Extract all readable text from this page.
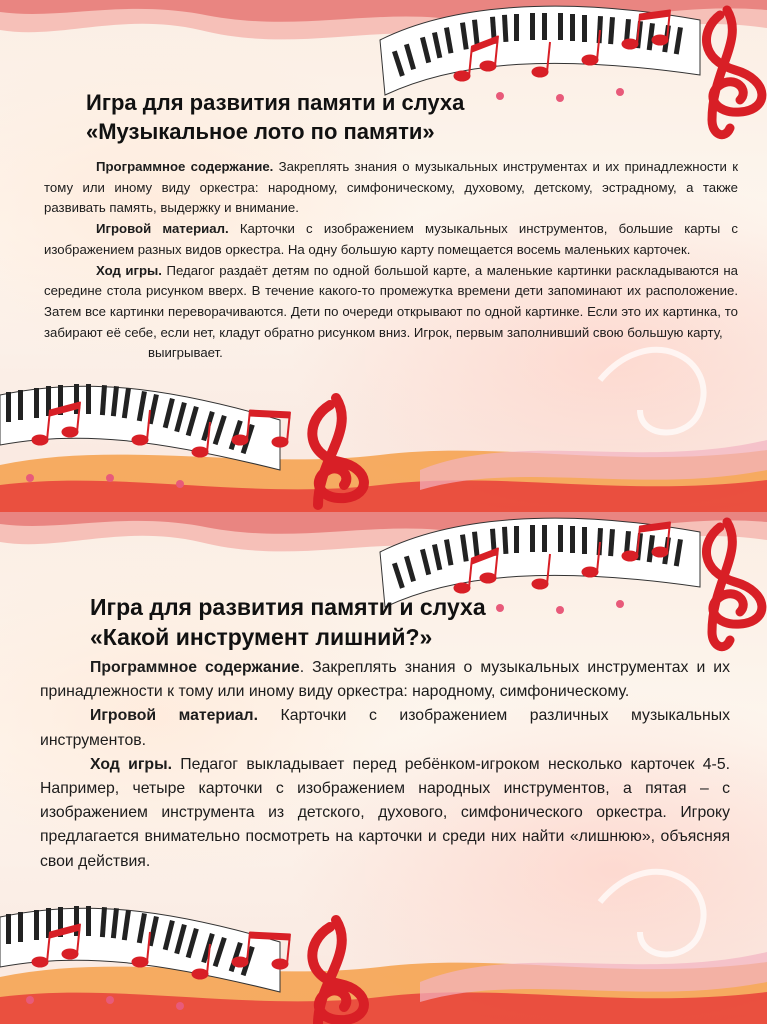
Игра для развития памяти и слуха
«Музыкальное лото по памяти»

Программное содержание. Закреплять знания о музыкальных инструментах и их принадлежности к тому или иному виду оркестра: народному, симфоническому, духовому, детскому, эстрадному, а также развивать память, выдержку и внимание.

Игровой материал. Карточки с изображением музыкальных инструментов, большие карты с изображением разных видов оркестра. На одну большую карту помещается восемь маленьких карточек.

Ход игры. Педагог раздаёт детям по одной большой карте, а маленькие картинки раскладываются на середине стола рисунком вверх. В течение какого-то промежутка времени дети запоминают их расположение. Затем все картинки переворачиваются. Дети по очереди открывают по одной картинке. Если это их картинка, то забирают её себе, если нет, кладут обратно рисунком вниз. Игрок, первым заполнивший свою большую карту,

выигрывает.
Игра для развития памяти и слуха
«Какой инструмент лишний?»

Программное содержание. Закреплять знания о музыкальных инструментах и их принадлежности к тому или иному виду оркестра: народному, симфоническому.

Игровой материал. Карточки с изображением различных музыкальных инструментов.

Ход игры. Педагог выкладывает перед ребёнком-игроком несколько карточек 4-5. Например, четыре карточки с изображением народных инструментов, а пятая – с изображением инструмента из детского, духового, симфонического оркестра. Игроку предлагается внимательно посмотреть на карточки и среди них найти «лишнюю», объясняя свои действия.
